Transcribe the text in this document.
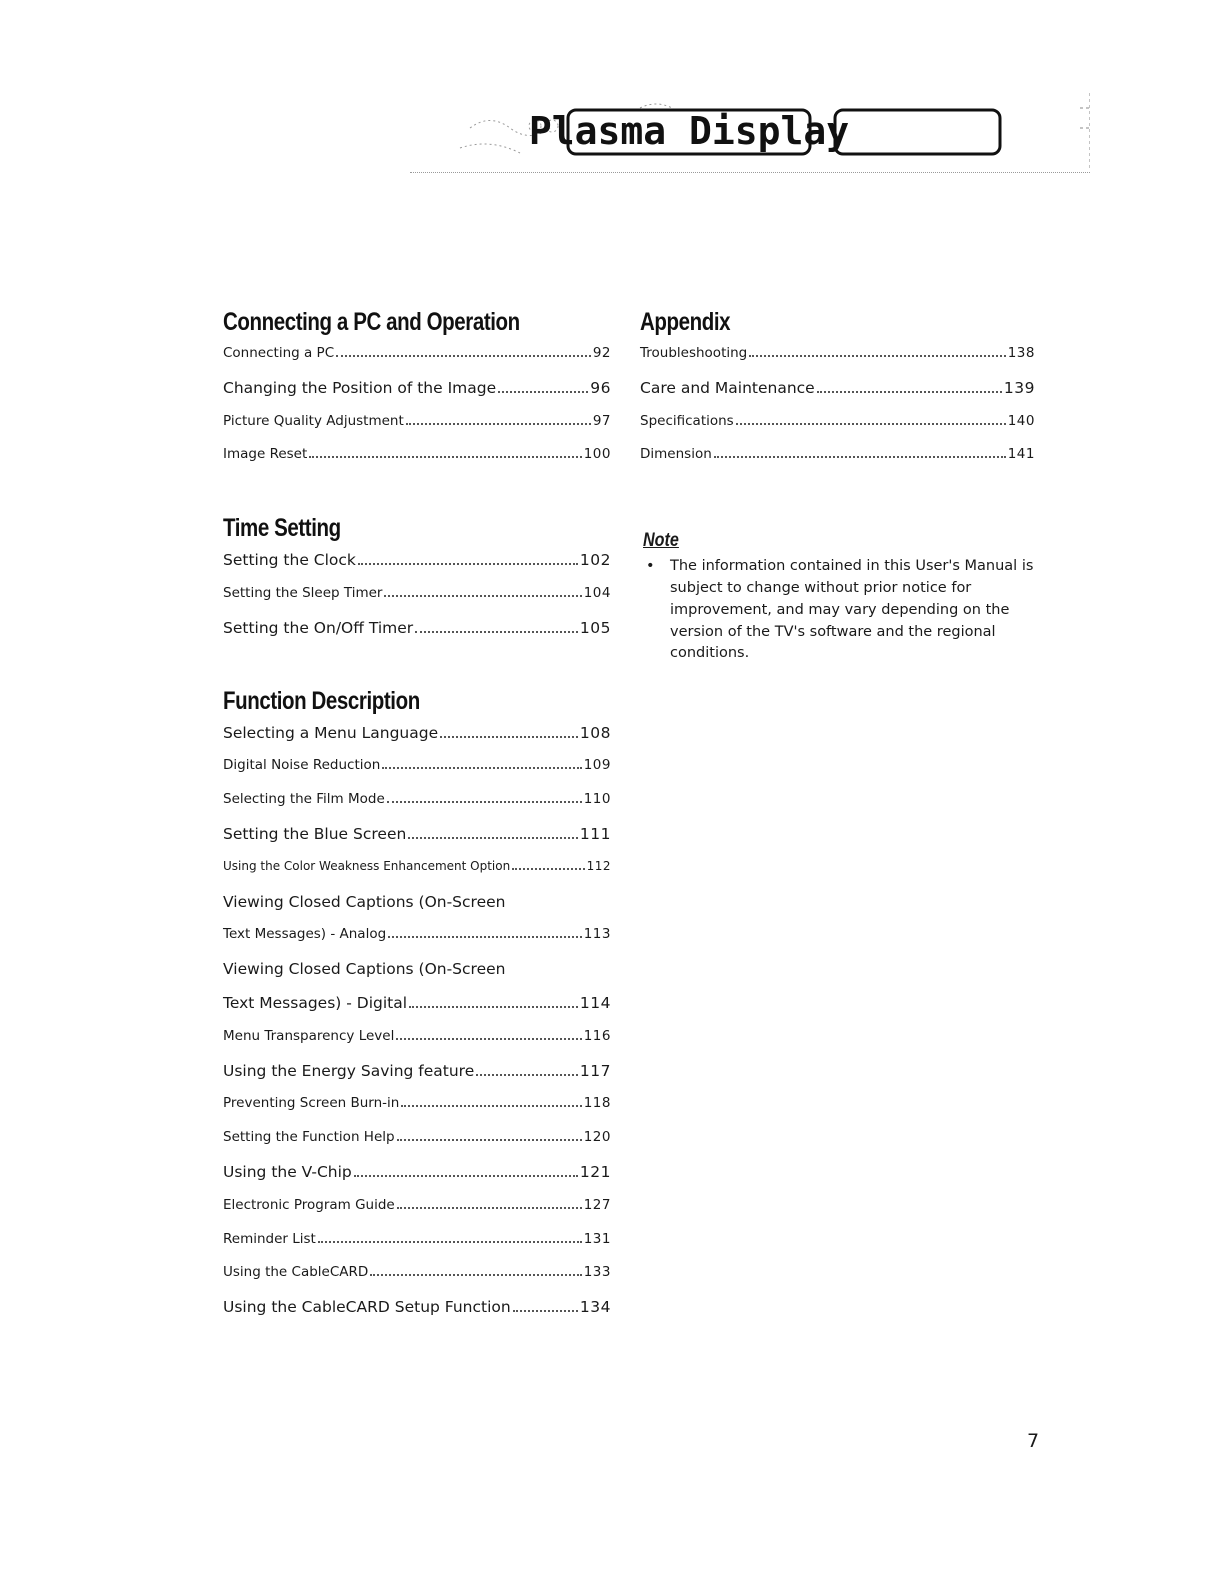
Plasma Display
Connecting a PC and Operation
Connecting a PC	92
Changing the Position of the Image	96
Picture Quality Adjustment	97
Image Reset	100
Time Setting
Setting the Clock	102
Setting the Sleep Timer	104
Setting the On/Off Timer	105
Function Description
Selecting a Menu Language	108
Digital Noise Reduction	109
Selecting the Film Mode	110
Setting the Blue Screen	111
Using the Color Weakness Enhancement Option	112
Viewing Closed Captions (On-Screen
Text Messages) - Analog	113
Viewing Closed Captions (On-Screen
Text Messages) - Digital	114
Menu Transparency Level	116
Using the Energy Saving feature	117
Preventing Screen Burn-in	118
Setting the Function Help	120
Using the V-Chip	121
Electronic Program Guide	127
Reminder List	131
Using the CableCARD	133
Using the CableCARD Setup Function	134
Appendix
Troubleshooting	138
Care and Maintenance	139
Specifications	140
Dimension	141
Note
•	The information contained in this User's Manual is subject to change without prior notice for improvement, and may vary depending on the version of the TV's software and the regional conditions.
7
